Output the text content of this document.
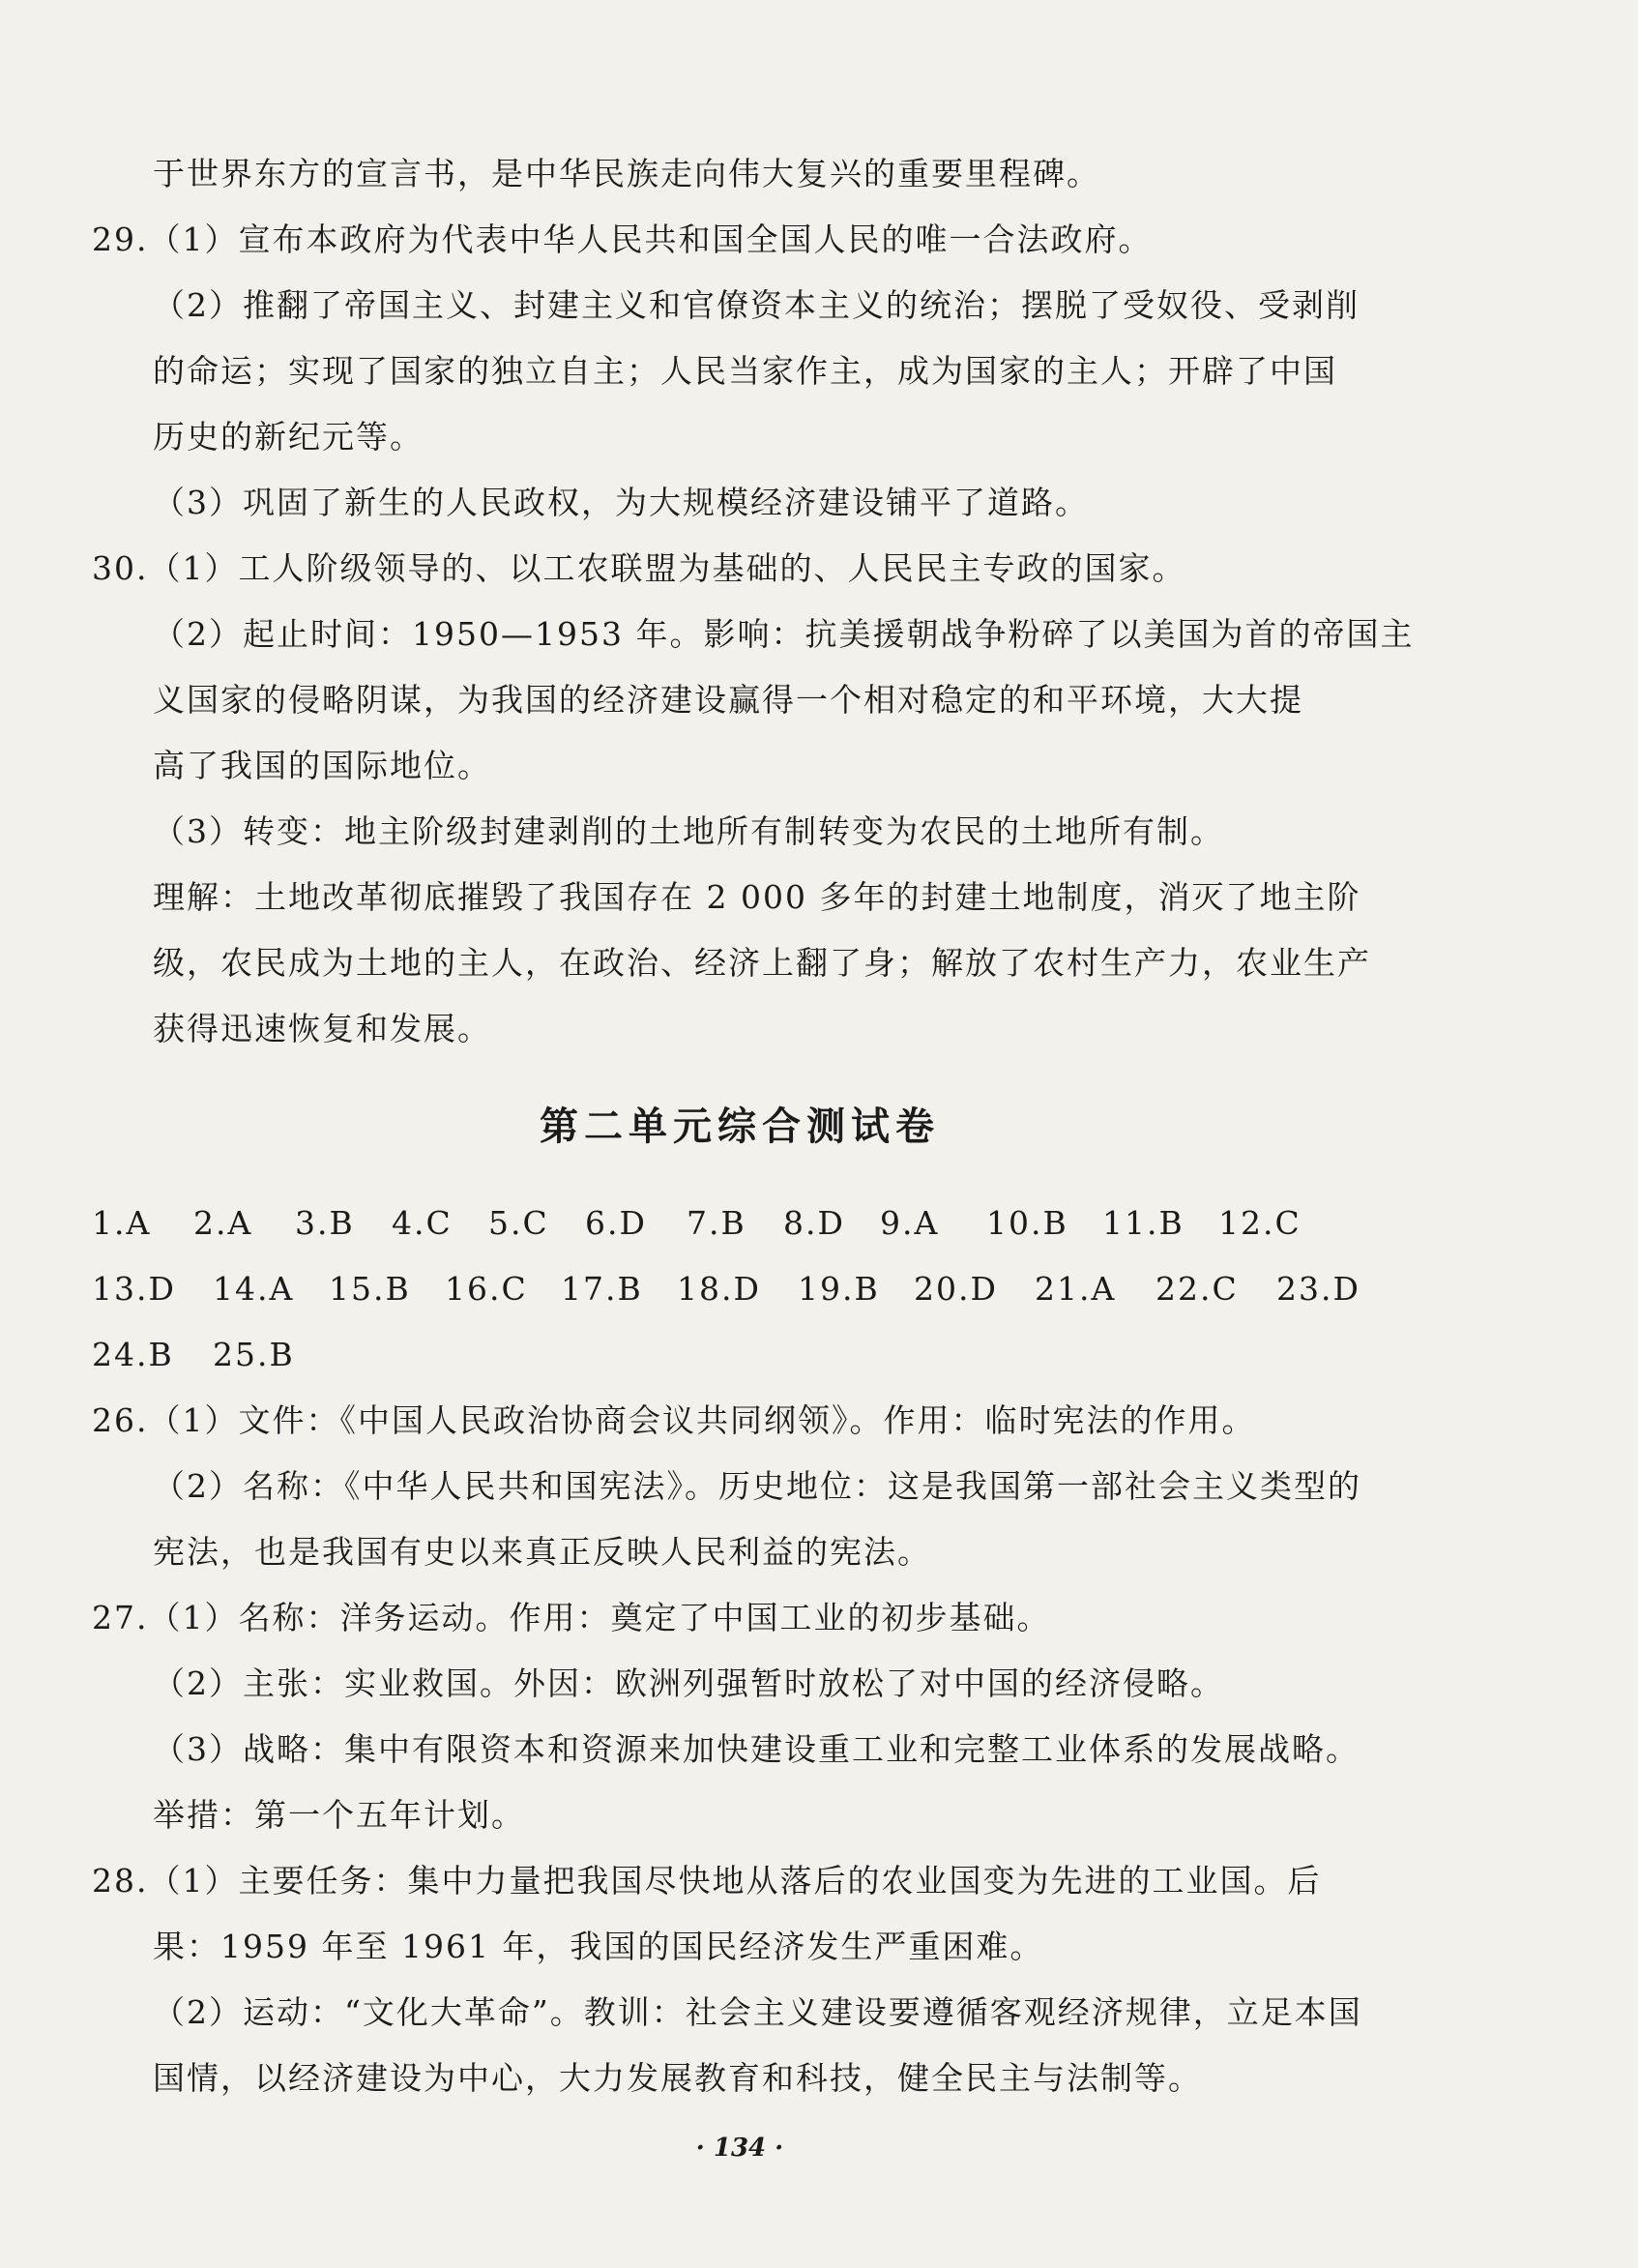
于世界东方的宣言书，是中华民族走向伟大复兴的重要里程碑。
29.（1）宣布本政府为代表中华人民共和国全国人民的唯一合法政府。
（2）推翻了帝国主义、封建主义和官僚资本主义的统治；摆脱了受奴役、受剥削
的命运；实现了国家的独立自主；人民当家作主，成为国家的主人；开辟了中国
历史的新纪元等。
（3）巩固了新生的人民政权，为大规模经济建设铺平了道路。
30.（1）工人阶级领导的、以工农联盟为基础的、人民民主专政的国家。
（2）起止时间：1950—1953 年。影响：抗美援朝战争粉碎了以美国为首的帝国主
义国家的侵略阴谋，为我国的经济建设赢得一个相对稳定的和平环境，大大提
高了我国的国际地位。
（3）转变：地主阶级封建剥削的土地所有制转变为农民的土地所有制。
理解：土地改革彻底摧毁了我国存在 2 000 多年的封建土地制度，消灭了地主阶
级，农民成为土地的主人，在政治、经济上翻了身；解放了农村生产力，农业生产
获得迅速恢复和发展。
第二单元综合测试卷
1.A 2.A 3.B 4.C 5.C 6.D 7.B 8.D 9.A 10.B 11.B 12.C
13.D 14.A 15.B 16.C 17.B 18.D 19.B 20.D 21.A 22.C 23.D
24.B 25.B
26.（1）文件：《中国人民政治协商会议共同纲领》。作用：临时宪法的作用。
（2）名称：《中华人民共和国宪法》。历史地位：这是我国第一部社会主义类型的
宪法，也是我国有史以来真正反映人民利益的宪法。
27.（1）名称：洋务运动。作用：奠定了中国工业的初步基础。
（2）主张：实业救国。外因：欧洲列强暂时放松了对中国的经济侵略。
（3）战略：集中有限资本和资源来加快建设重工业和完整工业体系的发展战略。
举措：第一个五年计划。
28.（1）主要任务：集中力量把我国尽快地从落后的农业国变为先进的工业国。后
果：1959 年至 1961 年，我国的国民经济发生严重困难。
（2）运动：“文化大革命”。教训：社会主义建设要遵循客观经济规律，立足本国
国情，以经济建设为中心，大力发展教育和科技，健全民主与法制等。
· 134 ·
